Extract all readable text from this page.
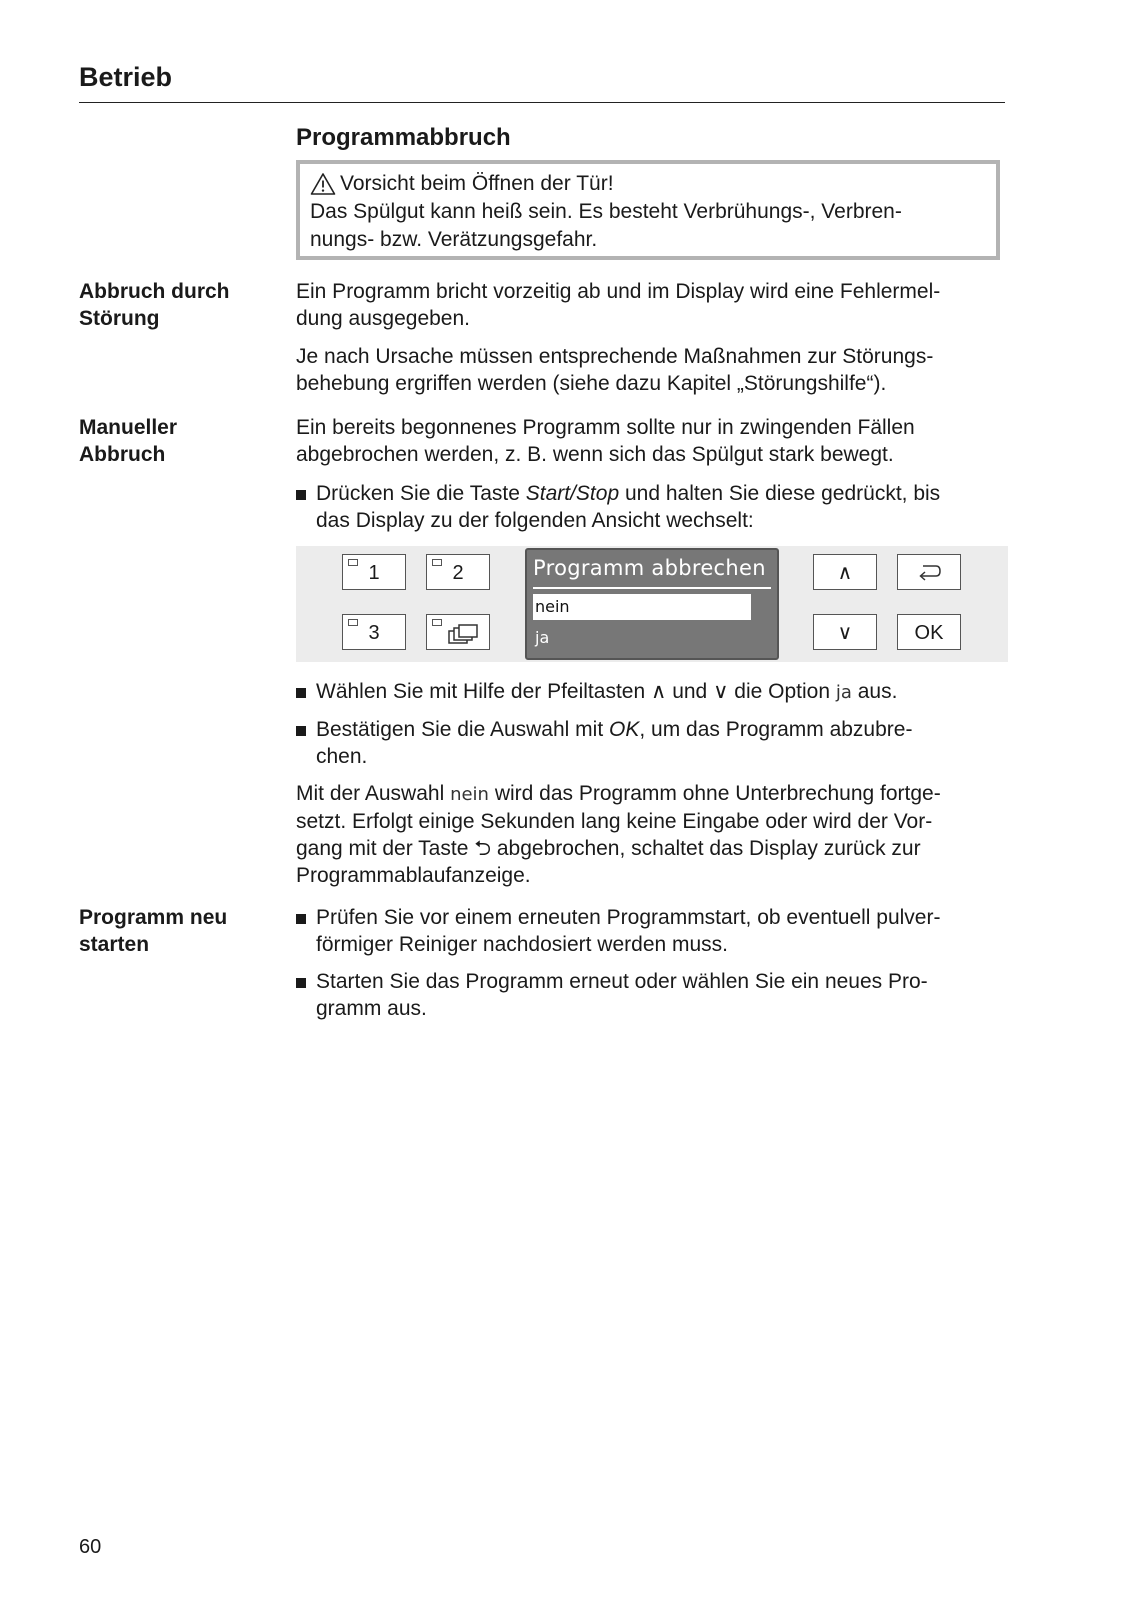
Betrieb
Programmabbruch
Vorsicht beim Öffnen der Tür!
Das Spülgut kann heiß sein. Es besteht Verbrühungs-, Verbren-
nungs- bzw. Verätzungsgefahr.
Abbruch durch
Störung
Ein Programm bricht vorzeitig ab und im Display wird eine Fehlermel-
dung ausgegeben.
Je nach Ursache müssen entsprechende Maßnahmen zur Störungs-
behebung ergriffen werden (siehe dazu Kapitel „Störungshilfe“).
Manueller
Abbruch
Ein bereits begonnenes Programm sollte nur in zwingenden Fällen
abgebrochen werden, z. B. wenn sich das Spülgut stark bewegt.
Drücken Sie die Taste Start/Stop und halten Sie diese gedrückt, bis
das Display zu der folgenden Ansicht wechselt:
1	2
3
Programm abbrechen
nein
ja
∧
∨	OK
Wählen Sie mit Hilfe der Pfeiltasten ∧ und ∨ die Option ja aus.
Bestätigen Sie die Auswahl mit OK, um das Programm abzubre-
chen.
Mit der Auswahl nein wird das Programm ohne Unterbrechung fortge-
setzt. Erfolgt einige Sekunden lang keine Eingabe oder wird der Vor-
gang mit der Taste ⮌ abgebrochen, schaltet das Display zurück zur
Programmablaufanzeige.
Programm neu
starten
Prüfen Sie vor einem erneuten Programmstart, ob eventuell pulver-
förmiger Reiniger nachdosiert werden muss.
Starten Sie das Programm erneut oder wählen Sie ein neues Pro-
gramm aus.
60
